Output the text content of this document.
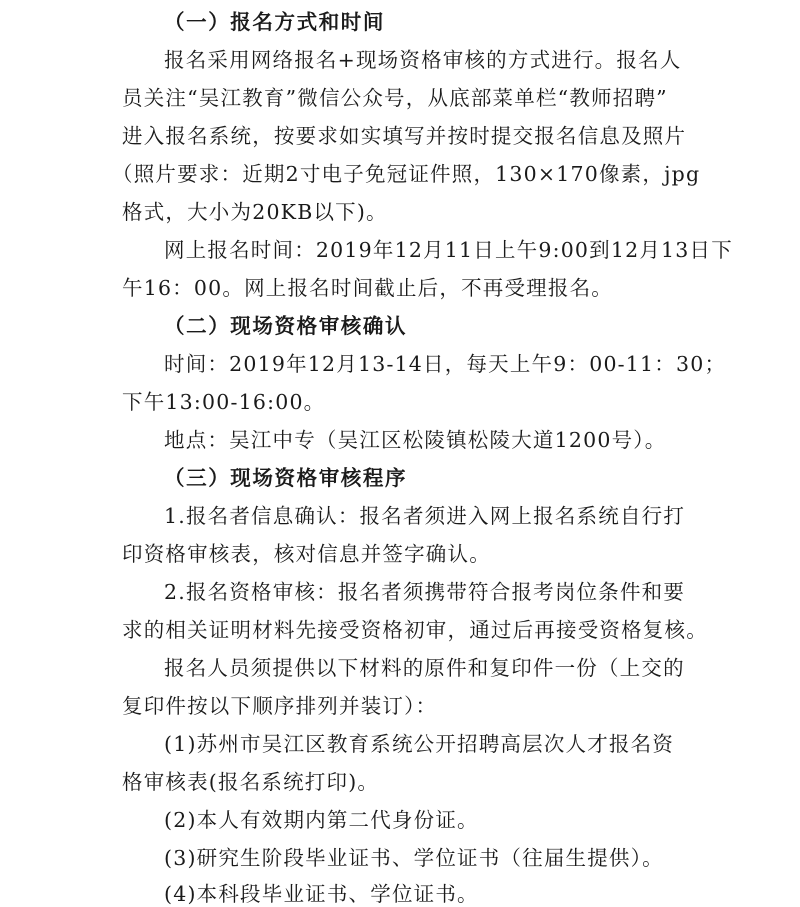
（一）报名方式和时间
报名采用网络报名+现场资格审核的方式进行。报名人
员关注“吴江教育”微信公众号，从底部菜单栏“教师招聘”
进入报名系统，按要求如实填写并按时提交报名信息及照片
（照片要求：近期2寸电子免冠证件照，130×170像素，jpg
格式，大小为20KB以下)。
网上报名时间：2019年12月11日上午9:00到12月13日下
午16：00。网上报名时间截止后，不再受理报名。
（二）现场资格审核确认
时间：2019年12月13-14日，每天上午9：00-11：30；
下午13:00-16:00。
地点：吴江中专（吴江区松陵镇松陵大道1200号）。
（三）现场资格审核程序
1.报名者信息确认：报名者须进入网上报名系统自行打
印资格审核表，核对信息并签字确认。
2.报名资格审核：报名者须携带符合报考岗位条件和要
求的相关证明材料先接受资格初审，通过后再接受资格复核。
报名人员须提供以下材料的原件和复印件一份（上交的
复印件按以下顺序排列并装订）：
(1)苏州市吴江区教育系统公开招聘高层次人才报名资
格审核表(报名系统打印)。
(2)本人有效期内第二代身份证。
(3)研究生阶段毕业证书、学位证书（往届生提供）。
(4)本科段毕业证书、学位证书。
